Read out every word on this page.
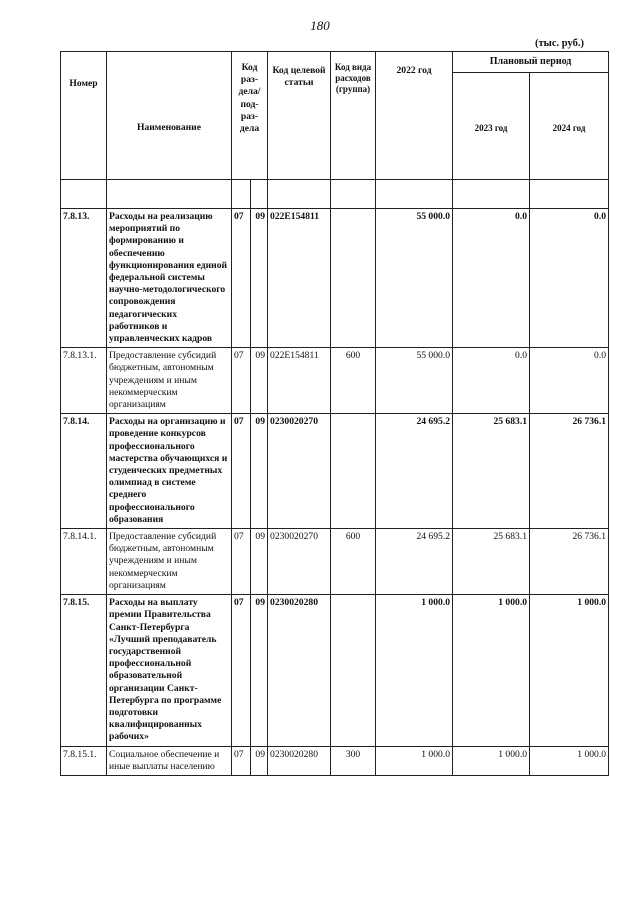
180
(тыс. руб.)
Номер	Наименование	Код раз-дела/ под-раз-дела		Код целевой статьи	Код вида расходов (группа)	2022 год	Плановый период	
							2023 год	2024 год

7.8.13.	Расходы на реализацию мероприятий по формированию и обеспечению функционирования единой федеральной системы научно-методологического сопровождения педагогических работников и управленческих кадров	07	09	022E154811		55 000.0	0.0	0.0
7.8.13.1.	Предоставление субсидий бюджетным, автономным учреждениям и иным некоммерческим организациям	07	09	022E154811	600	55 000.0	0.0	0.0
7.8.14.	Расходы на организацию и проведение конкурсов профессионального мастерства обучающихся и студенческих предметных олимпиад в системе среднего профессионального образования	07	09	0230020270		24 695.2	25 683.1	26 736.1
7.8.14.1.	Предоставление субсидий бюджетным, автономным учреждениям и иным некоммерческим организациям	07	09	0230020270	600	24 695.2	25 683.1	26 736.1
7.8.15.	Расходы на выплату премии Правительства Санкт-Петербурга «Лучший преподаватель государственной профессиональной образовательной организации Санкт-Петербурга по программе подготовки квалифицированных рабочих»	07	09	0230020280		1 000.0	1 000.0	1 000.0
7.8.15.1.	Социальное обеспечение и иные выплаты населению	07	09	0230020280	300	1 000.0	1 000.0	1 000.0
